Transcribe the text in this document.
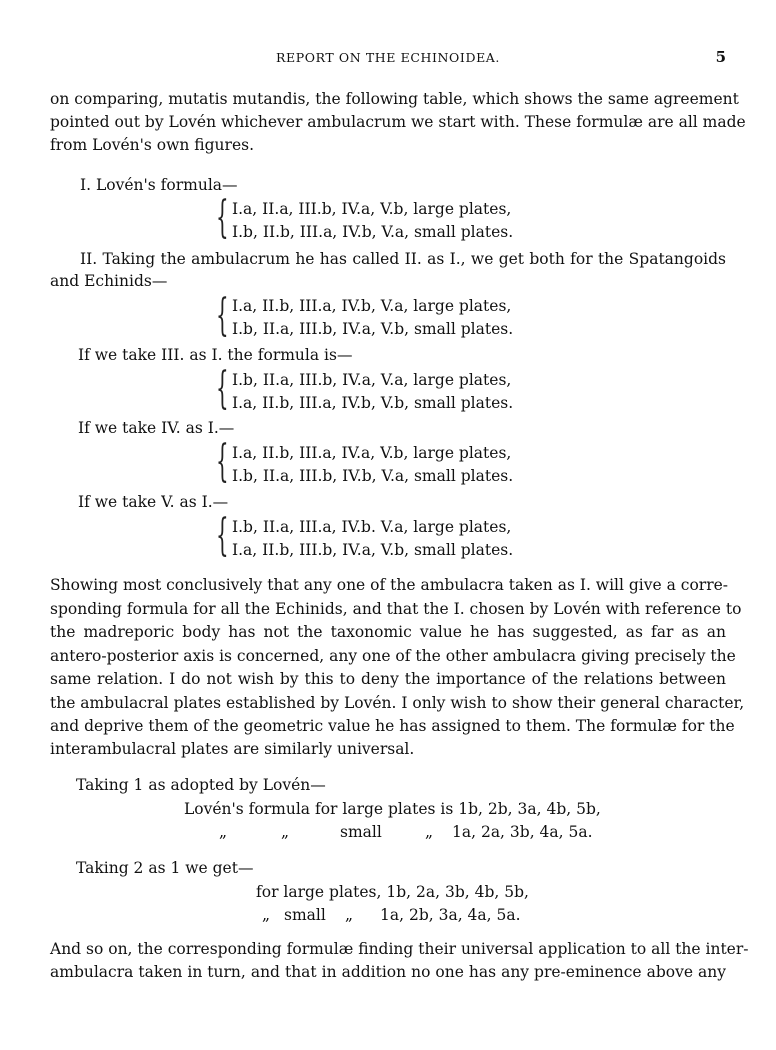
REPORT ON THE ECHINOIDEA.	5
on comparing, mutatis mutandis, the following table, which shows the same agreement
pointed out by Lovén whichever ambulacrum we start with. These formulæ are all made
from Lovén's own figures.
I. Lovén's formula—
{ I.a, II.a, III.b, IV.a, V.b, large plates,
I.b, II.b, III.a, IV.b, V.a, small plates.
II. Taking the ambulacrum he has called II. as I., we get both for the Spatangoids
and Echinids—
{ I.a, II.b, III.a, IV.b, V.a, large plates,
I.b, II.a, III.b, IV.a, V.b, small plates.
If we take III. as I. the formula is—
{ I.b, II.a, III.b, IV.a, V.a, large plates,
I.a, II.b, III.a, IV.b, V.b, small plates.
If we take IV. as I.—
{ I.a, II.b, III.a, IV.a, V.b, large plates,
I.b, II.a, III.b, IV.b, V.a, small plates.
If we take V. as I.—
{ I.b, II.a, III.a, IV.b. V.a, large plates,
I.a, II.b, III.b, IV.a, V.b, small plates.
Showing most conclusively that any one of the ambulacra taken as I. will give a corre-
sponding formula for all the Echinids, and that the I. chosen by Lovén with reference to
the madreporic body has not the taxonomic value he has suggested, as far as an
antero-posterior axis is concerned, any one of the other ambulacra giving precisely the
same relation. I do not wish by this to deny the importance of the relations between
the ambulacral plates established by Lovén. I only wish to show their general character,
and deprive them of the geometric value he has assigned to them. The formulæ for the
interambulacral plates are similarly universal.
Taking 1 as adopted by Lovén—
Lovén's formula for large plates is 1b, 2b, 3a, 4b, 5b,
„	„	small	„ 1a, 2a, 3b, 4a, 5a.
Taking 2 as 1 we get—
for large plates, 1b, 2a, 3b, 4b, 5b,
„ small „ 1a, 2b, 3a, 4a, 5a.
And so on, the corresponding formulæ finding their universal application to all the inter-
ambulacra taken in turn, and that in addition no one has any pre-eminence above any
